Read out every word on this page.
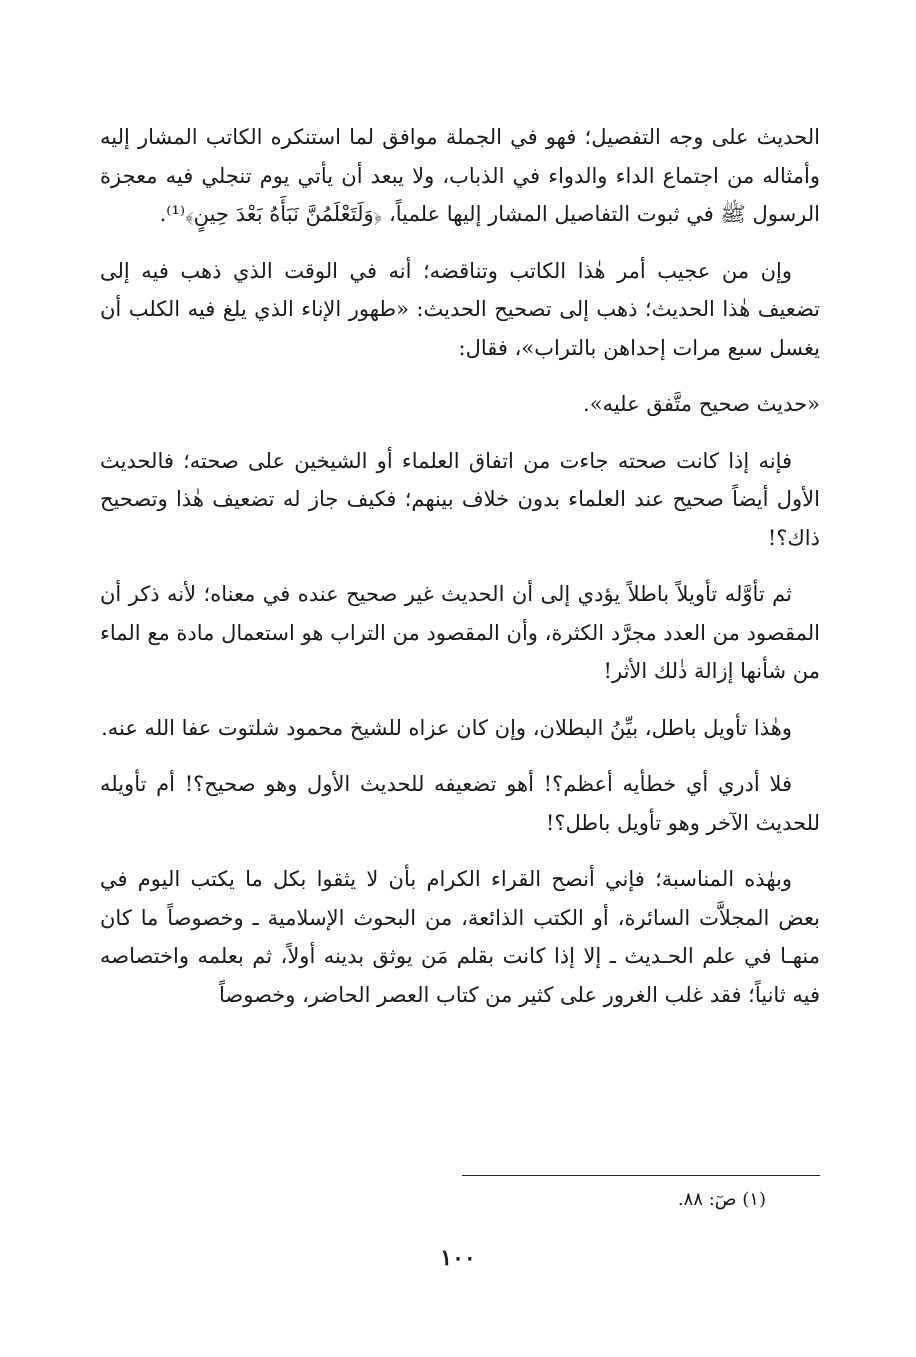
الحديث على وجه التفصيل؛ فهو في الجملة موافق لما استنكره الكاتب المشار إليه وأمثاله من اجتماع الداء والدواء في الذباب، ولا يبعد أن يأتي يوم تنجلي فيه معجزة الرسول ﷺ في ثبوت التفاصيل المشار إليها علمياً، ﴿وَلَتَعْلَمُنَّ نَبَأَهُ بَعْدَ حِينٍ﴾⁽¹⁾.

وإن من عجيب أمر هٰذا الكاتب وتناقضه؛ أنه في الوقت الذي ذهب فيه إلى تضعيف هٰذا الحديث؛ ذهب إلى تصحيح الحديث: «طهور الإناء الذي يلغ فيه الكلب أن يغسل سبع مرات إحداهن بالتراب»، فقال:

«حديث صحيح متَّفق عليه».

فإنه إذا كانت صحته جاءت من اتفاق العلماء أو الشيخين على صحته؛ فالحديث الأول أيضاً صحيح عند العلماء بدون خلاف بينهم؛ فكيف جاز له تضعيف هٰذا وتصحيح ذاك؟!

ثم تأوَّله تأويلاً باطلاً يؤدي إلى أن الحديث غير صحيح عنده في معناه؛ لأنه ذكر أن المقصود من العدد مجرَّد الكثرة، وأن المقصود من التراب هو استعمال مادة مع الماء من شأنها إزالة ذٰلك الأثر!

وهٰذا تأويل باطل، بيِّنُ البطلان، وإن كان عزاه للشيخ محمود شلتوت عفا الله عنه.

فلا أدري أي خطأيه أعظم؟! أهو تضعيفه للحديث الأول وهو صحيح؟! أم تأويله للحديث الآخر وهو تأويل باطل؟!

وبهٰذه المناسبة؛ فإني أنصح القراء الكرام بأن لا يثقوا بكل ما يكتب اليوم في بعض المجلاَّت السائرة، أو الكتب الذائعة، من البحوث الإسلامية ـ وخصوصاً ما كان منهـا في علم الحـديث ـ إلا إذا كانت بقلم مَن يوثق بدينه أولاً، ثم بعلمه واختصاصه فيه ثانياً؛ فقد غلب الغرور على كثير من كتاب العصر الحاضر، وخصوصاً

(١) صٓ: ٨٨.
١٠٠
